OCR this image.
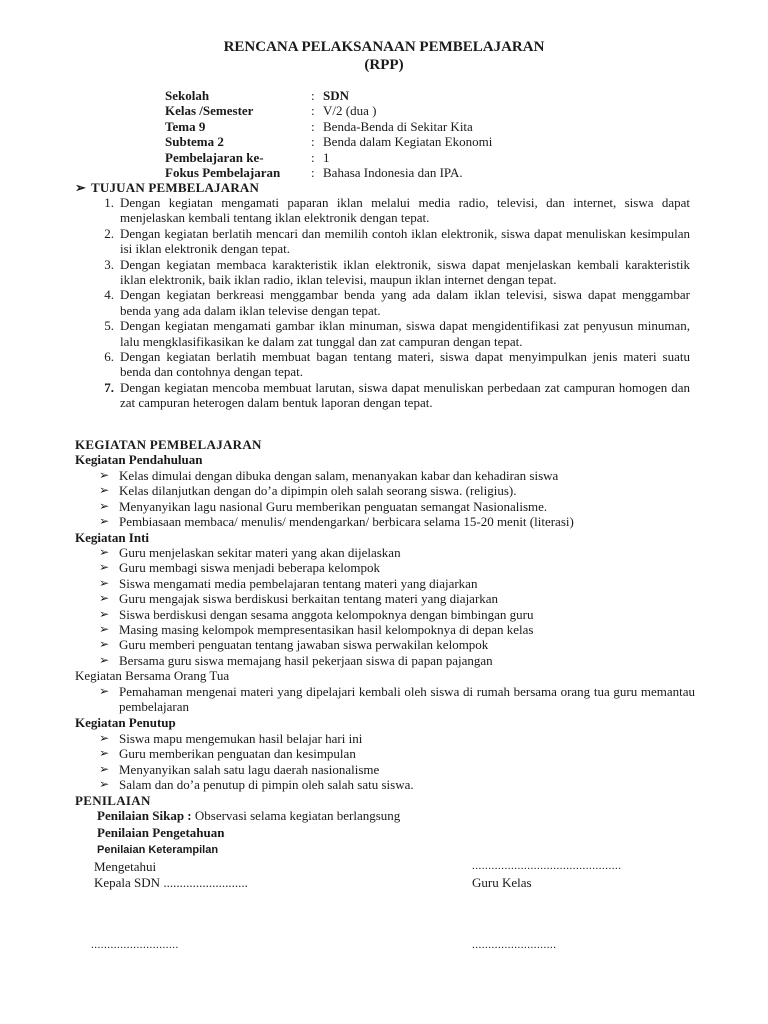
RENCANA PELAKSANAAN PEMBELAJARAN
(RPP)
Sekolah	: SDN
Kelas /Semester	: V/2 (dua )
Tema 9	: Benda-Benda di Sekitar Kita
Subtema 2	: Benda dalam Kegiatan Ekonomi
Pembelajaran ke-	: 1
Fokus Pembelajaran	: Bahasa Indonesia dan IPA.
➢ TUJUAN PEMBELAJARAN
1. Dengan kegiatan mengamati paparan iklan melalui media radio, televisi, dan internet, siswa dapat menjelaskan kembali tentang iklan elektronik dengan tepat.
2. Dengan kegiatan berlatih mencari dan memilih contoh iklan elektronik, siswa dapat menuliskan kesimpulan isi iklan elektronik dengan tepat.
3. Dengan kegiatan membaca karakteristik iklan elektronik, siswa dapat menjelaskan kembali karakteristik iklan elektronik, baik iklan radio, iklan televisi, maupun iklan internet dengan tepat.
4. Dengan kegiatan berkreasi menggambar benda yang ada dalam iklan televisi, siswa dapat menggambar benda yang ada dalam iklan televise dengan tepat.
5. Dengan kegiatan mengamati gambar iklan minuman, siswa dapat mengidentifikasi zat penyusun minuman, lalu mengklasifikasikan ke dalam zat tunggal dan zat campuran dengan tepat.
6. Dengan kegiatan berlatih membuat bagan tentang materi, siswa dapat menyimpulkan jenis materi suatu benda dan contohnya dengan tepat.
7. Dengan kegiatan mencoba membuat larutan, siswa dapat menuliskan perbedaan zat campuran homogen dan zat campuran heterogen dalam bentuk laporan dengan tepat.
KEGIATAN PEMBELAJARAN
Kegiatan Pendahuluan
➢ Kelas dimulai dengan dibuka dengan salam, menanyakan kabar dan kehadiran siswa
➢ Kelas dilanjutkan dengan do’a dipimpin oleh salah seorang siswa. (religius).
➢ Menyanyikan lagu nasional Guru memberikan penguatan semangat Nasionalisme.
➢ Pembiasaan membaca/ menulis/ mendengarkan/ berbicara selama 15-20 menit (literasi)
Kegiatan Inti
➢ Guru menjelaskan sekitar materi yang akan dijelaskan
➢ Guru membagi siswa menjadi beberapa kelompok
➢ Siswa mengamati media pembelajaran tentang materi yang diajarkan
➢ Guru mengajak siswa berdiskusi berkaitan tentang materi yang diajarkan
➢ Siswa berdiskusi dengan sesama anggota kelompoknya dengan bimbingan guru
➢ Masing masing kelompok mempresentasikan hasil kelompoknya di depan kelas
➢ Guru memberi penguatan tentang jawaban siswa perwakilan kelompok
➢ Bersama guru siswa memajang hasil pekerjaan siswa di papan pajangan
Kegiatan Bersama Orang Tua
➢ Pemahaman mengenai materi yang dipelajari kembali oleh siswa di rumah bersama orang tua guru memantau pembelajaran
Kegiatan Penutup
➢ Siswa mapu mengemukan hasil belajar hari ini
➢ Guru memberikan penguatan dan kesimpulan
➢ Menyanyikan salah satu lagu daerah nasionalisme
➢ Salam dan do’a penutup di pimpin oleh salah satu siswa.
PENILAIAN
Penilaian Sikap : Observasi selama kegiatan berlangsung
Penilaian Pengetahuan
Penilaian Keterampilan
Mengetahui	..............................................
Kepala SDN ..........................	Guru Kelas
...........................	..........................
